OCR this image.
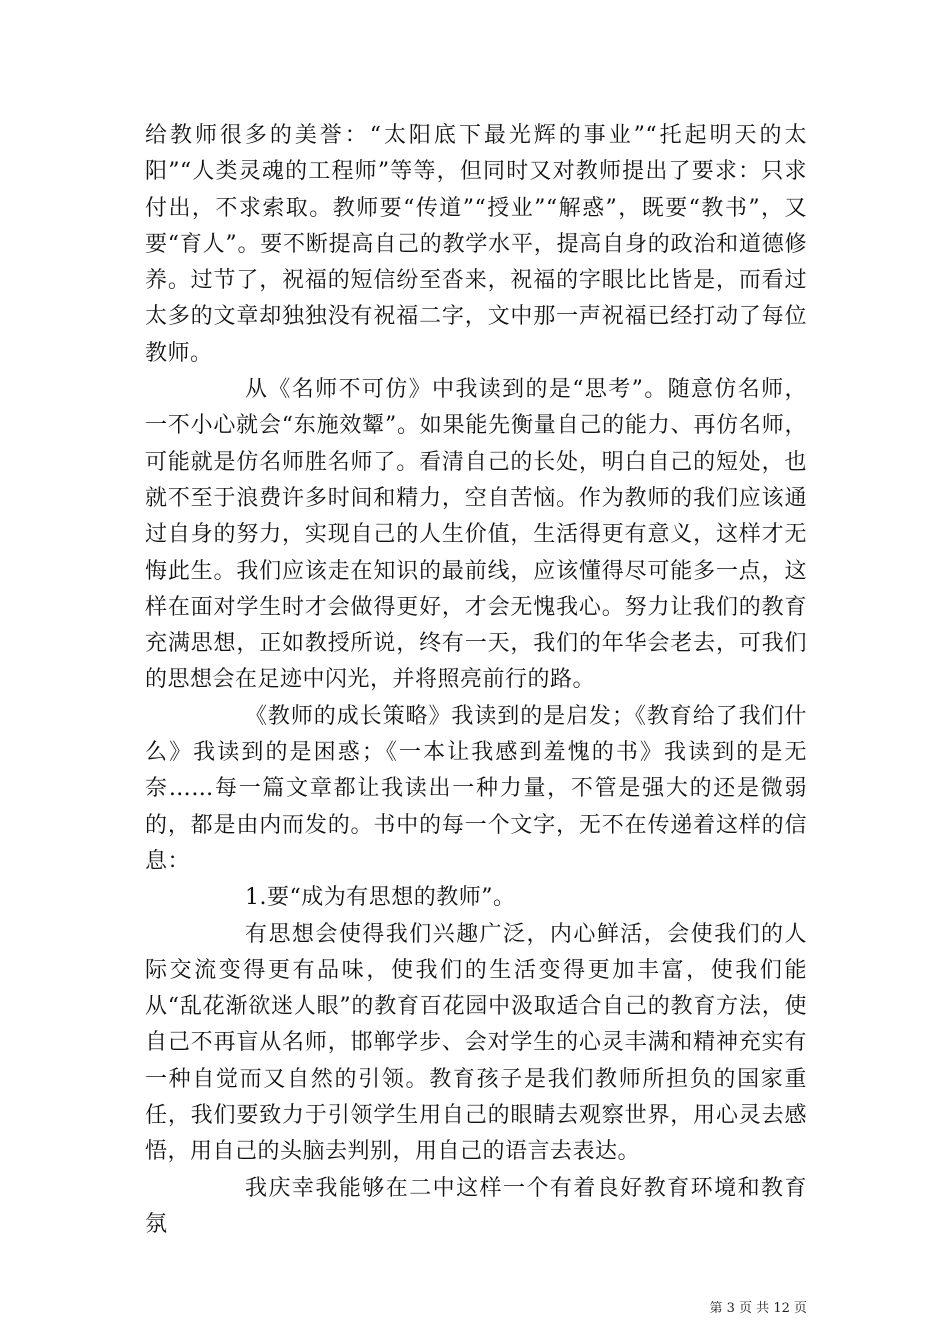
给教师很多的美誉：“太阳底下最光辉的事业”“托起明天的太阳”“人类灵魂的工程师”等等，但同时又对教师提出了要求：只求付出，不求索取。教师要“传道”“授业”“解惑”，既要“教书”，又要“育人”。要不断提高自己的教学水平，提高自身的政治和道德修养。过节了，祝福的短信纷至沓来，祝福的字眼比比皆是，而看过太多的文章却独独没有祝福二字，文中那一声祝福已经打动了每位教师。

从《名师不可仿》中我读到的是“思考”。随意仿名师，一不小心就会“东施效颦”。如果能先衡量自己的能力、再仿名师，可能就是仿名师胜名师了。看清自己的长处，明白自己的短处，也就不至于浪费许多时间和精力，空自苦恼。作为教师的我们应该通过自身的努力，实现自己的人生价值，生活得更有意义，这样才无悔此生。我们应该走在知识的最前线，应该懂得尽可能多一点，这样在面对学生时才会做得更好，才会无愧我心。努力让我们的教育充满思想，正如教授所说，终有一天，我们的年华会老去，可我们的思想会在足迹中闪光，并将照亮前行的路。

《教师的成长策略》我读到的是启发；《教育给了我们什么》我读到的是困惑；《一本让我感到羞愧的书》我读到的是无奈……每一篇文章都让我读出一种力量，不管是强大的还是微弱的，都是由内而发的。书中的每一个文字，无不在传递着这样的信息：

1.要“成为有思想的教师”。

有思想会使得我们兴趣广泛，内心鲜活，会使我们的人际交流变得更有品味，使我们的生活变得更加丰富，使我们能从“乱花渐欲迷人眼”的教育百花园中汲取适合自己的教育方法，使自己不再盲从名师，邯郸学步、会对学生的心灵丰满和精神充实有一种自觉而又自然的引领。教育孩子是我们教师所担负的国家重任，我们要致力于引领学生用自己的眼睛去观察世界，用心灵去感悟，用自己的头脑去判别，用自己的语言去表达。

我庆幸我能够在二中这样一个有着良好教育环境和教育氛

第 3 页 共 12 页
